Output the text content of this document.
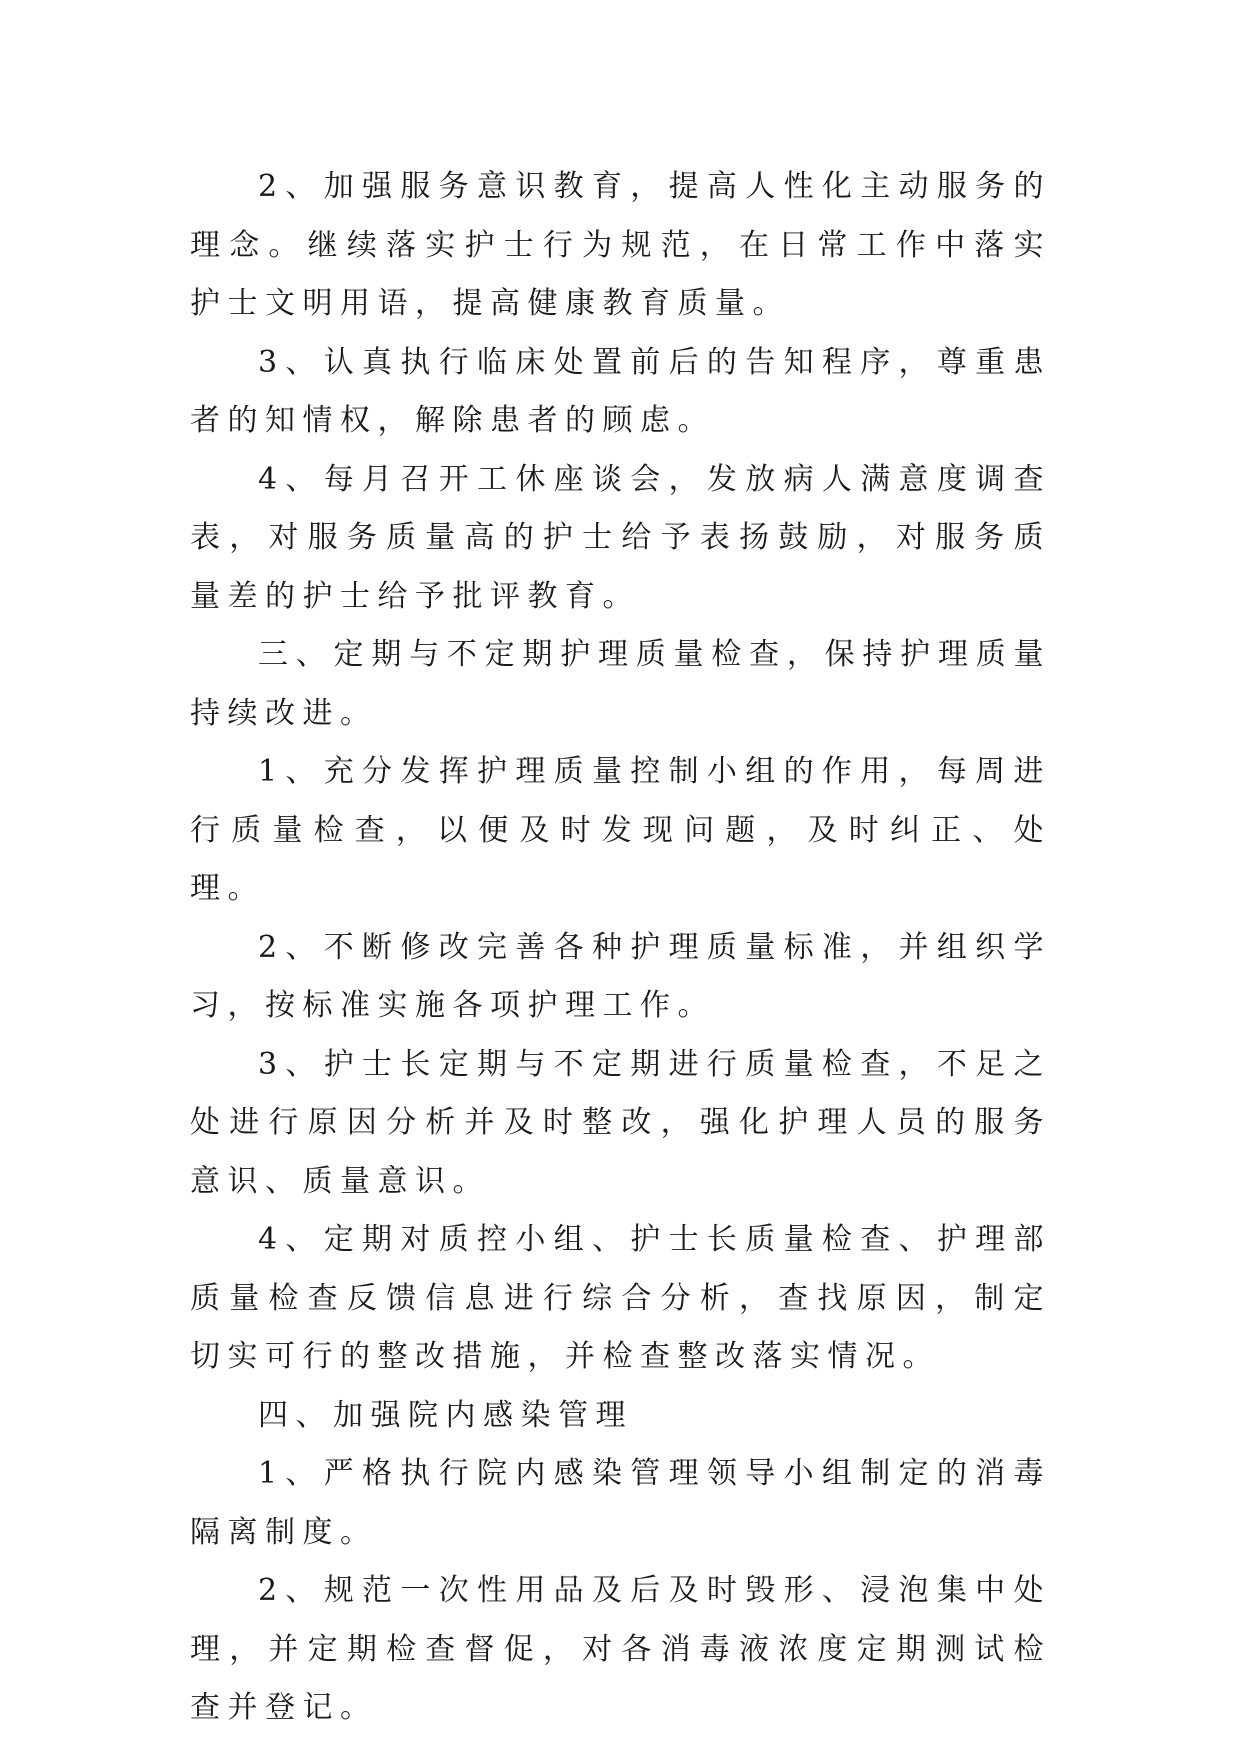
2、加强服务意识教育，提高人性化主动服务的理念。继续落实护士行为规范，在日常工作中落实护士文明用语，提高健康教育质量。

3、认真执行临床处置前后的告知程序，尊重患者的知情权，解除患者的顾虑。

4、每月召开工休座谈会，发放病人满意度调查表，对服务质量高的护士给予表扬鼓励，对服务质量差的护士给予批评教育。

三、定期与不定期护理质量检查，保持护理质量持续改进。

1、充分发挥护理质量控制小组的作用，每周进行质量检查，以便及时发现问题，及时纠正、处理。

2、不断修改完善各种护理质量标准，并组织学习，按标准实施各项护理工作。

3、护士长定期与不定期进行质量检查，不足之处进行原因分析并及时整改，强化护理人员的服务意识、质量意识。

4、定期对质控小组、护士长质量检查、护理部质量检查反馈信息进行综合分析，查找原因，制定切实可行的整改措施，并检查整改落实情况。

四、加强院内感染管理

1、严格执行院内感染管理领导小组制定的消毒隔离制度。

2、规范一次性用品及后及时毁形、浸泡集中处理，并定期检查督促，对各消毒液浓度定期测试检查并登记。
